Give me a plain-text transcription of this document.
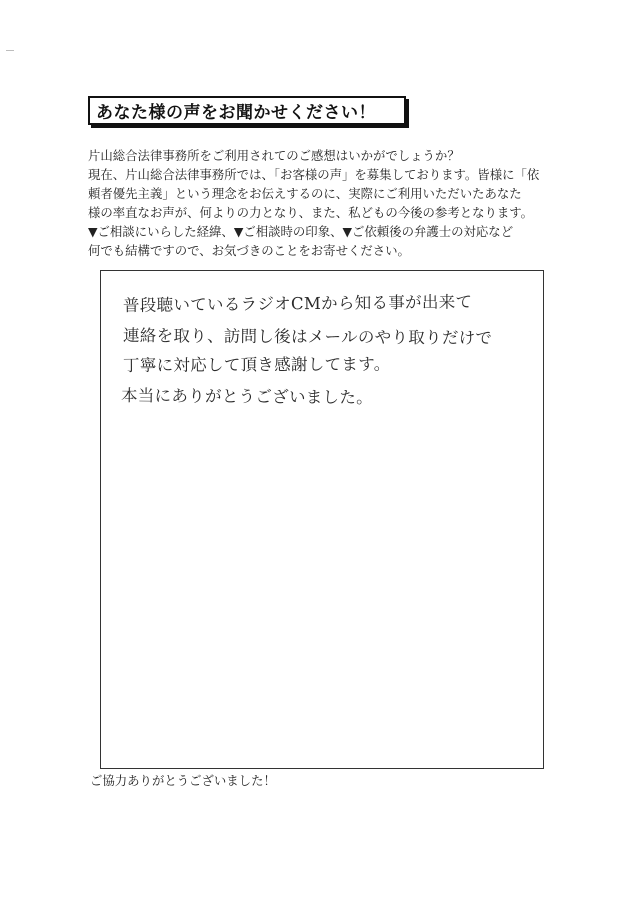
あなた様の声をお聞かせください！
片山総合法律事務所をご利用されてのご感想はいかがでしょうか？
現在、片山総合法律事務所では、「お客様の声」を募集しております。皆様に「依
頼者優先主義」という理念をお伝えするのに、実際にご利用いただいたあなた
様の率直なお声が、何よりの力となり、また、私どもの今後の参考となります。
▼ご相談にいらした経緯、▼ご相談時の印象、▼ご依頼後の弁護士の対応など
何でも結構ですので、お気づきのことをお寄せください。
普段聴いているラジオCMから知る事が出来て
連絡を取り、訪問し後はメールのやり取りだけで
丁寧に対応して頂き感謝してます。
本当にありがとうございました。
ご協力ありがとうございました！
